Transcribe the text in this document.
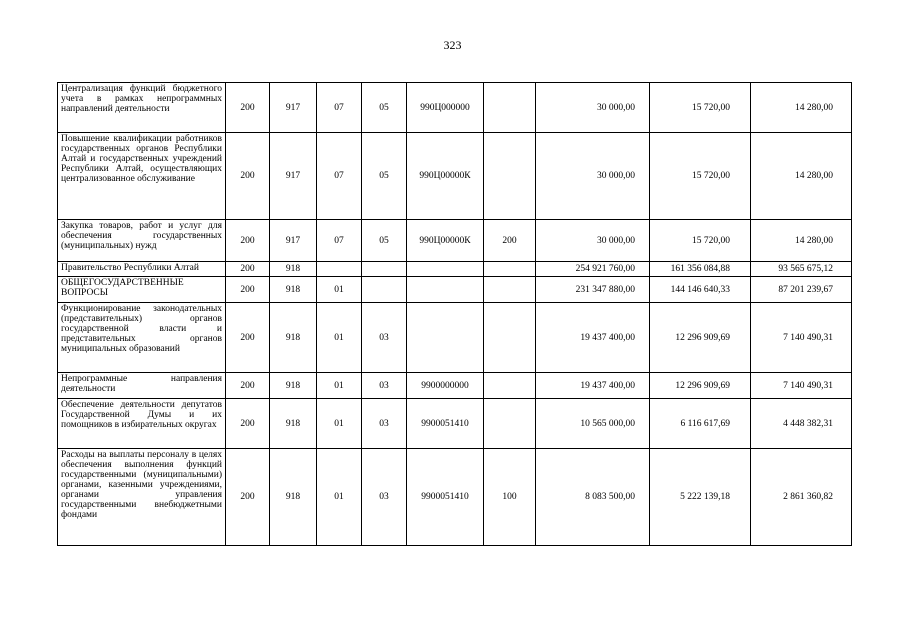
323
Централизация функций бюджетного учета в рамках непрограммных направлений деятельности	200	917	07	05	990Ц000000		30 000,00	15 720,00	14 280,00
Повышение квалификации работников государственных органов Республики Алтай и государственных учреждений Республики Алтай, осуществляющих централизованное обслуживание	200	917	07	05	990Ц00000К		30 000,00	15 720,00	14 280,00
Закупка товаров, работ и услуг для обеспечения государственных (муниципальных) нужд	200	917	07	05	990Ц00000К	200	30 000,00	15 720,00	14 280,00
Правительство Республики Алтай	200	918					254 921 760,00	161 356 084,88	93 565 675,12
ОБЩЕГОСУДАРСТВЕННЫЕ ВОПРОСЫ	200	918	01				231 347 880,00	144 146 640,33	87 201 239,67
Функционирование законодательных (представительных) органов государственной власти и представительных органов муниципальных образований	200	918	01	03			19 437 400,00	12 296 909,69	7 140 490,31
Непрограммные направления деятельности	200	918	01	03	9900000000		19 437 400,00	12 296 909,69	7 140 490,31
Обеспечение деятельности депутатов Государственной Думы и их помощников в избирательных округах	200	918	01	03	9900051410		10 565 000,00	6 116 617,69	4 448 382,31
Расходы на выплаты персоналу в целях обеспечения выполнения функций государственными (муниципальными) органами, казенными учреждениями, органами управления государственными внебюджетными фондами	200	918	01	03	9900051410	100	8 083 500,00	5 222 139,18	2 861 360,82
